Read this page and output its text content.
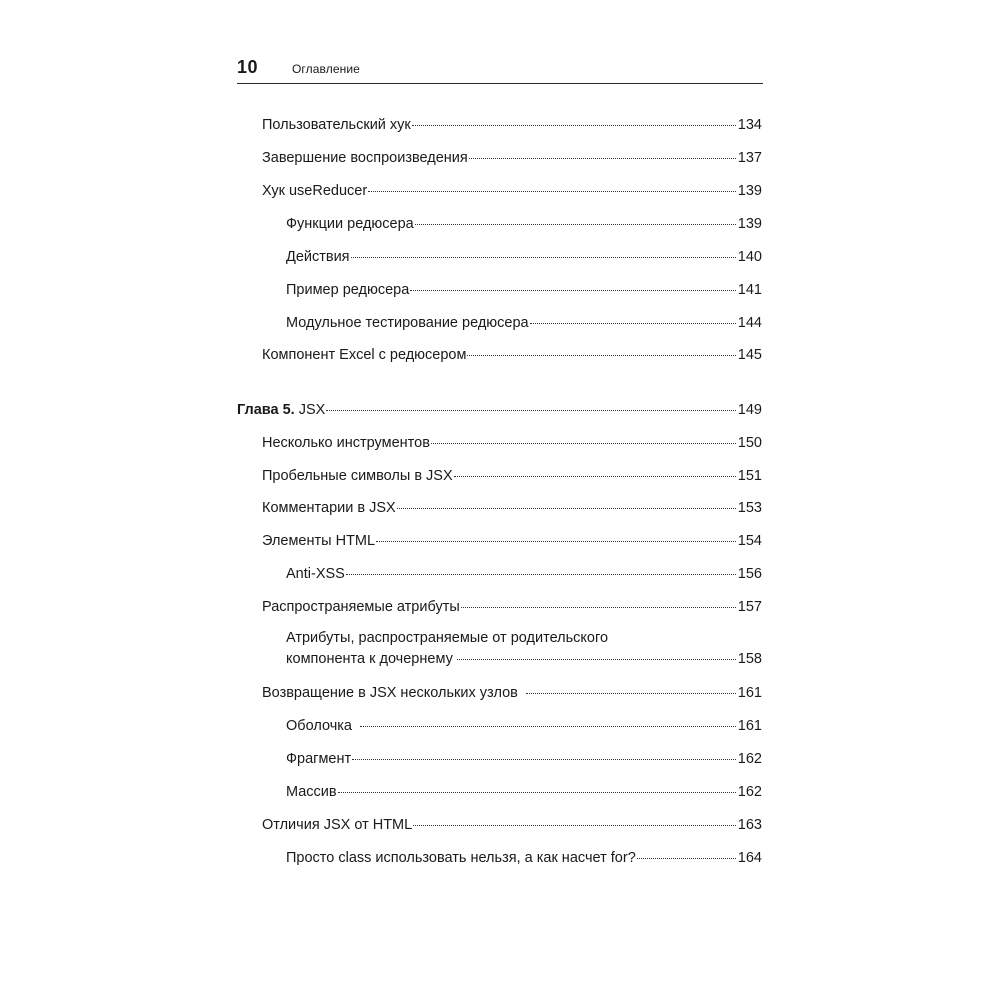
10	Оглавление
Пользовательский хук	134
Завершение воспроизведения	137
Хук useReducer	139
Функции редюсера	139
Действия	140
Пример редюсера	141
Модульное тестирование редюсера	144
Компонент Excel с редюсером	145
Глава 5. JSX	149
Несколько инструментов	150
Пробельные символы в JSX	151
Комментарии в JSX	153
Элементы HTML	154
Anti-XSS	156
Распространяемые атрибуты	157
Атрибуты, распространяемые от родительского
компонента к дочернему	158
Возвращение в JSX нескольких узлов	161
Оболочка	161
Фрагмент	162
Массив	162
Отличия JSX от HTML	163
Просто class использовать нельзя, а как насчет for?	164
